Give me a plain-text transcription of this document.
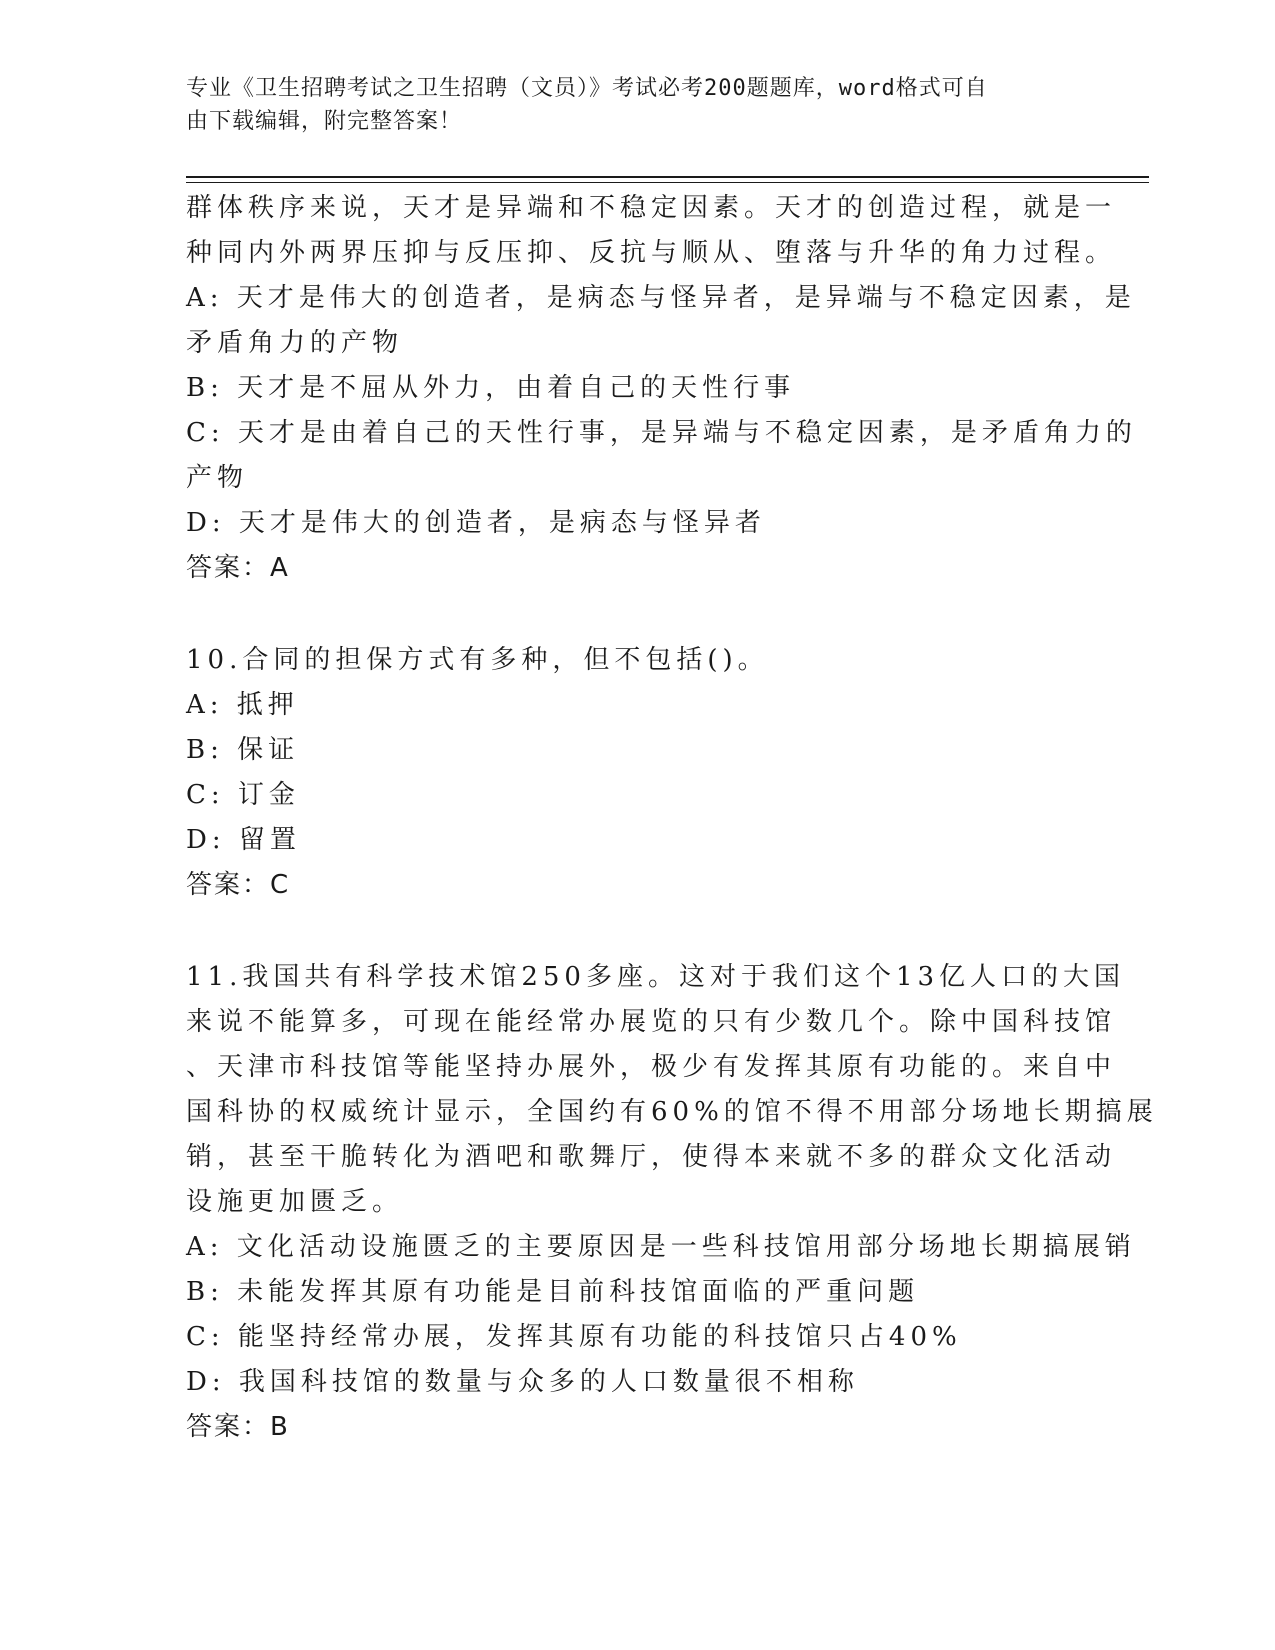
专业《卫生招聘考试之卫生招聘（文员）》考试必考200题题库，word格式可自
由下载编辑，附完整答案！
群体秩序来说，天才是异端和不稳定因素。天才的创造过程，就是一
种同内外两界压抑与反压抑、反抗与顺从、堕落与升华的角力过程。
A: 天才是伟大的创造者，是病态与怪异者，是异端与不稳定因素，是
矛盾角力的产物
B: 天才是不屈从外力，由着自己的天性行事
C: 天才是由着自己的天性行事，是异端与不稳定因素，是矛盾角力的
产物
D: 天才是伟大的创造者，是病态与怪异者
答案：A
10.合同的担保方式有多种，但不包括()。
A: 抵押
B: 保证
C: 订金
D: 留置
答案：C
11.我国共有科学技术馆250多座。这对于我们这个13亿人口的大国
来说不能算多，可现在能经常办展览的只有少数几个。除中国科技馆
、天津市科技馆等能坚持办展外，极少有发挥其原有功能的。来自中
国科协的权威统计显示，全国约有60%的馆不得不用部分场地长期搞展
销，甚至干脆转化为酒吧和歌舞厅，使得本来就不多的群众文化活动
设施更加匮乏。
A: 文化活动设施匮乏的主要原因是一些科技馆用部分场地长期搞展销
B: 未能发挥其原有功能是目前科技馆面临的严重问题
C: 能坚持经常办展，发挥其原有功能的科技馆只占40%
D: 我国科技馆的数量与众多的人口数量很不相称
答案：B
